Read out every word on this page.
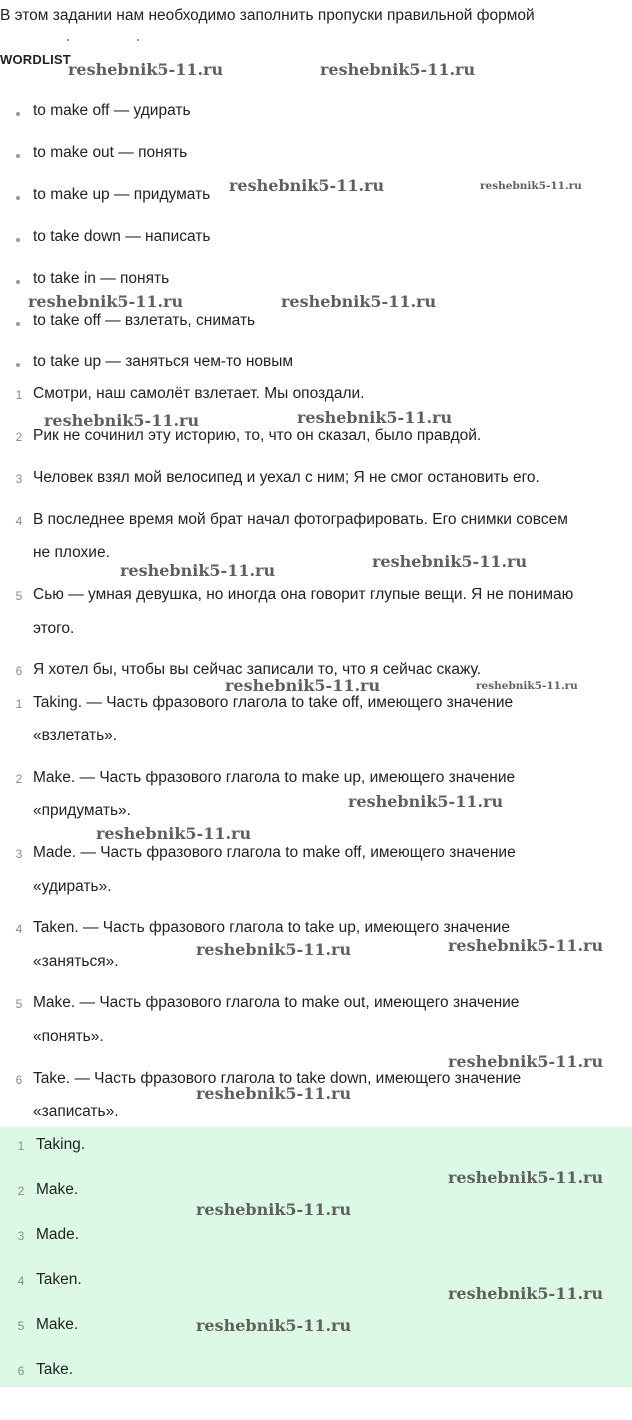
В этом задании нам необходимо заполнить пропуски правильной формой
WORDLIST
to make off — удирать
to make out — понять
to make up — придумать
to take down — написать
to take in — понять
to take off — взлетать, снимать
to take up — заняться чем-то новым
1 Смотри, наш самолёт взлетает. Мы опоздали.
2 Рик не сочинил эту историю, то, что он сказал, было правдой.
3 Человек взял мой велосипед и уехал с ним; Я не смог остановить его.
4 В последнее время мой брат начал фотографировать. Его снимки совсем
не плохие.
5 Сью — умная девушка, но иногда она говорит глупые вещи. Я не понимаю
этого.
6 Я хотел бы, чтобы вы сейчас записали то, что я сейчас скажу.
1 Taking. — Часть фразового глагола to take off, имеющего значение
«взлетать».
2 Make. — Часть фразового глагола to make up, имеющего значение
«придумать».
3 Made. — Часть фразового глагола to make off, имеющего значение
«удирать».
4 Taken. — Часть фразового глагола to take up, имеющего значение
«заняться».
5 Make. — Часть фразового глагола to make out, имеющего значение
«понять».
6 Take. — Часть фразового глагола to take down, имеющего значение
«записать».
1 Taking.
2 Make.
3 Made.
4 Taken.
5 Make.
6 Take.
reshebnik5-11.ru	reshebnik5-11.ru
reshebnik5-11.ru	reshebnik5-11.ru
reshebnik5-11.ru	reshebnik5-11.ru
reshebnik5-11.ru	reshebnik5-11.ru
reshebnik5-11.ru
reshebnik5-11.ru
reshebnik5-11.ru	reshebnik5-11.ru
reshebnik5-11.ru
reshebnik5-11.ru
reshebnik5-11.ru
reshebnik5-11.ru
reshebnik5-11.ru
reshebnik5-11.ru
reshebnik5-11.ru
reshebnik5-11.ru
reshebnik5-11.ru
reshebnik5-11.ru
